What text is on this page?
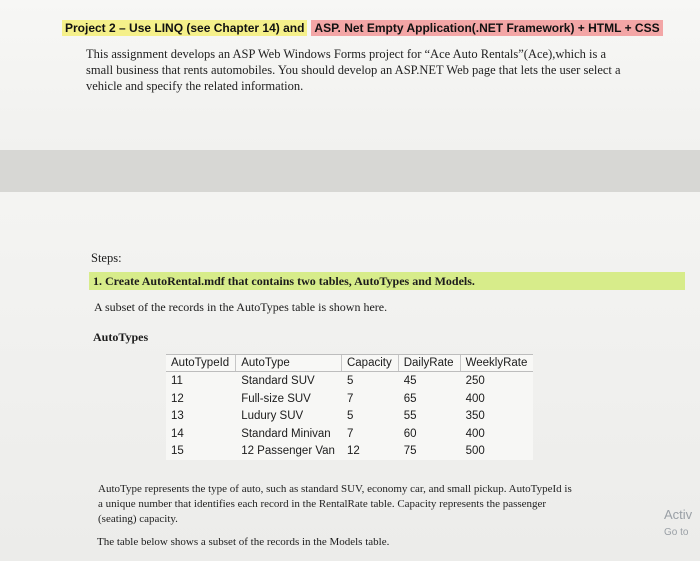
Project 2 – Use LINQ (see Chapter 14) and ASP. Net Empty Application(.NET Framework) + HTML + CSS
This assignment develops an ASP Web Windows Forms project for “Ace Auto Rentals”(Ace),which is a small business that rents automobiles. You should develop an ASP.NET Web page that lets the user select a vehicle and specify the related information.
Steps:
1. Create AutoRental.mdf that contains two tables, AutoTypes and Models.
A subset of the records in the AutoTypes table is shown here.
AutoTypes
AutoTypeId	AutoType	Capacity	DailyRate	WeeklyRate
11	Standard SUV	5	45	250
12	Full-size SUV	7	65	400
13	Ludury SUV	5	55	350
14	Standard Minivan	7	60	400
15	12 Passenger Van	12	75	500
AutoType represents the type of auto, such as standard SUV, economy car, and small pickup. AutoTypeId is a unique number that identifies each record in the RentalRate table. Capacity represents the passenger (seating) capacity.
The table below shows a subset of the records in the Models table.
Activ
Go to
